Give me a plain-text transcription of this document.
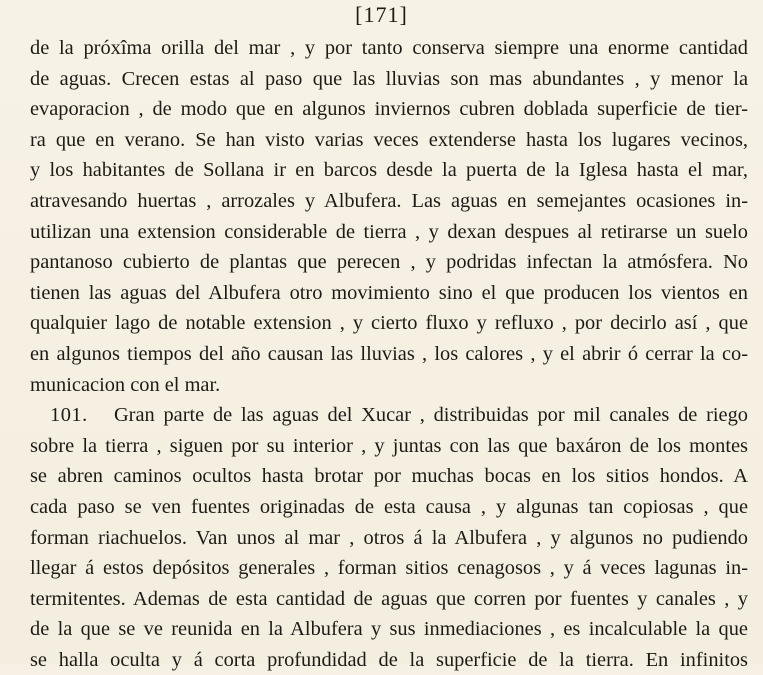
[171]
de la próxîma orilla del mar , y por tanto conserva siempre una enorme cantidad
de aguas. Crecen estas al paso que las lluvias son mas abundantes , y menor la
evaporacion , de modo que en algunos inviernos cubren doblada superficie de tier-
ra que en verano. Se han visto varias veces extenderse hasta los lugares vecinos,
y los habitantes de Sollana ir en barcos desde la puerta de la Iglesa hasta el mar,
atravesando huertas , arrozales y Albufera. Las aguas en semejantes ocasiones in-
utilizan una extension considerable de tierra , y dexan despues al retirarse un suelo
pantanoso cubierto de plantas que perecen , y podridas infectan la atmósfera. No
tienen las aguas del Albufera otro movimiento sino el que producen los vientos en
qualquier lago de notable extension , y cierto fluxo y refluxo , por decirlo así , que
en algunos tiempos del año causan las lluvias , los calores , y el abrir ó cerrar la co-
municacion con el mar.
101. Gran parte de las aguas del Xucar , distribuidas por mil canales de riego
sobre la tierra , siguen por su interior , y juntas con las que baxáron de los montes
se abren caminos ocultos hasta brotar por muchas bocas en los sitios hondos. A
cada paso se ven fuentes originadas de esta causa , y algunas tan copiosas , que
forman riachuelos. Van unos al mar , otros á la Albufera , y algunos no pudiendo
llegar á estos depósitos generales , forman sitios cenagosos , y á veces lagunas in-
termitentes. Ademas de esta cantidad de aguas que corren por fuentes y canales , y
de la que se ve reunida en la Albufera y sus inmediaciones , es incalculable la que
se halla oculta y á corta profundidad de la superficie de la tierra. En infinitos
